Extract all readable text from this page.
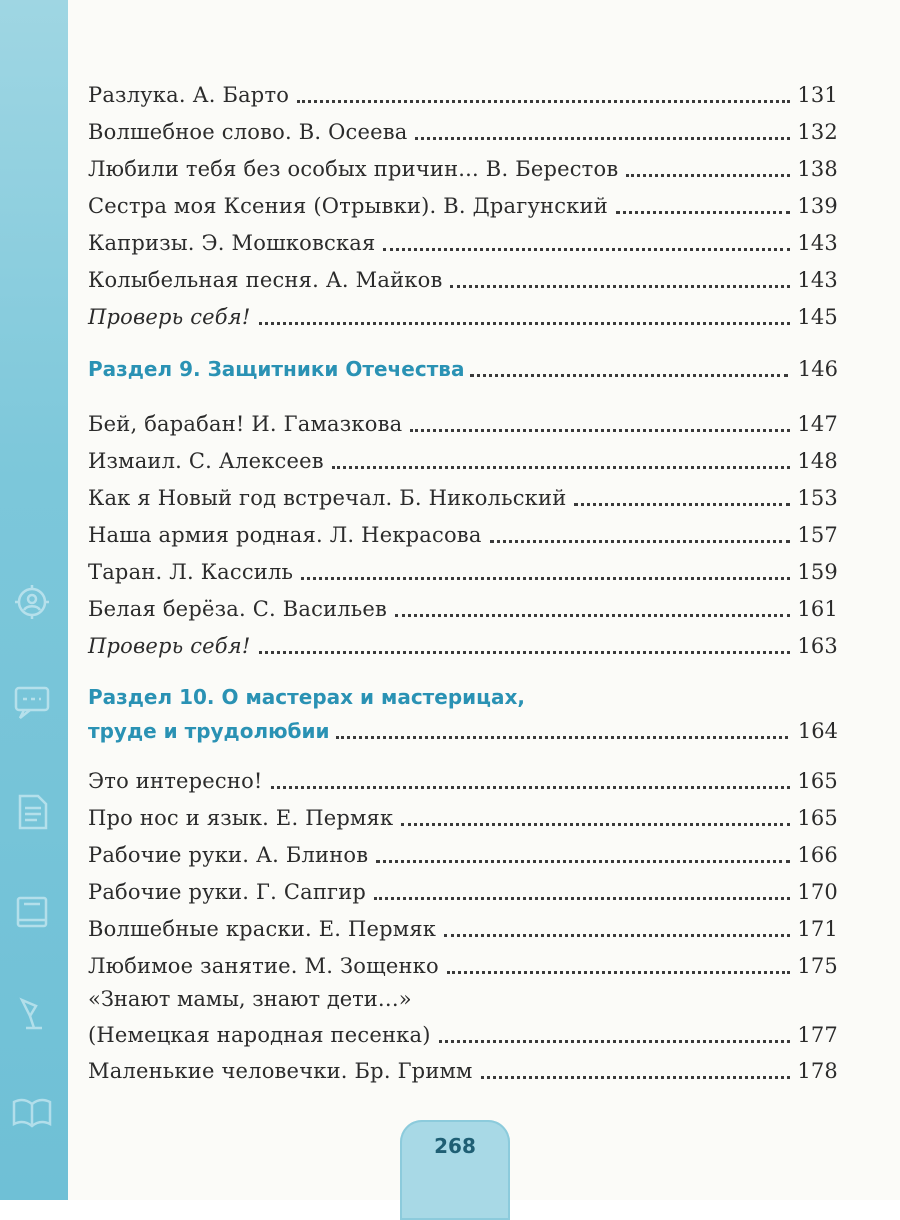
Разлука. А. Барто	131
Волшебное слово. В. Осеева	132
Любили тебя без особых причин... В. Берестов	138
Сестра моя Ксения (Отрывки). В. Драгунский	139
Капризы. Э. Мошковская	143
Колыбельная песня. А. Майков	143
Проверь себя!	145
Раздел 9. Защитники Отечества	146
Бей, барабан! И. Гамазкова	147
Измаил. С. Алексеев	148
Как я Новый год встречал. Б. Никольский	153
Наша армия родная. Л. Некрасова	157
Таран. Л. Кассиль	159
Белая берёза. С. Васильев	161
Проверь себя!	163
Раздел 10. О мастерах и мастерицах,
труде и трудолюбии	164
Это интересно!	165
Про нос и язык. Е. Пермяк	165
Рабочие руки. А. Блинов	166
Рабочие руки. Г. Сапгир	170
Волшебные краски. Е. Пермяк	171
Любимое занятие. М. Зощенко	175
«Знают мамы, знают дети…»
(Немецкая народная песенка)	177
Маленькие человечки. Бр. Гримм	178
268
